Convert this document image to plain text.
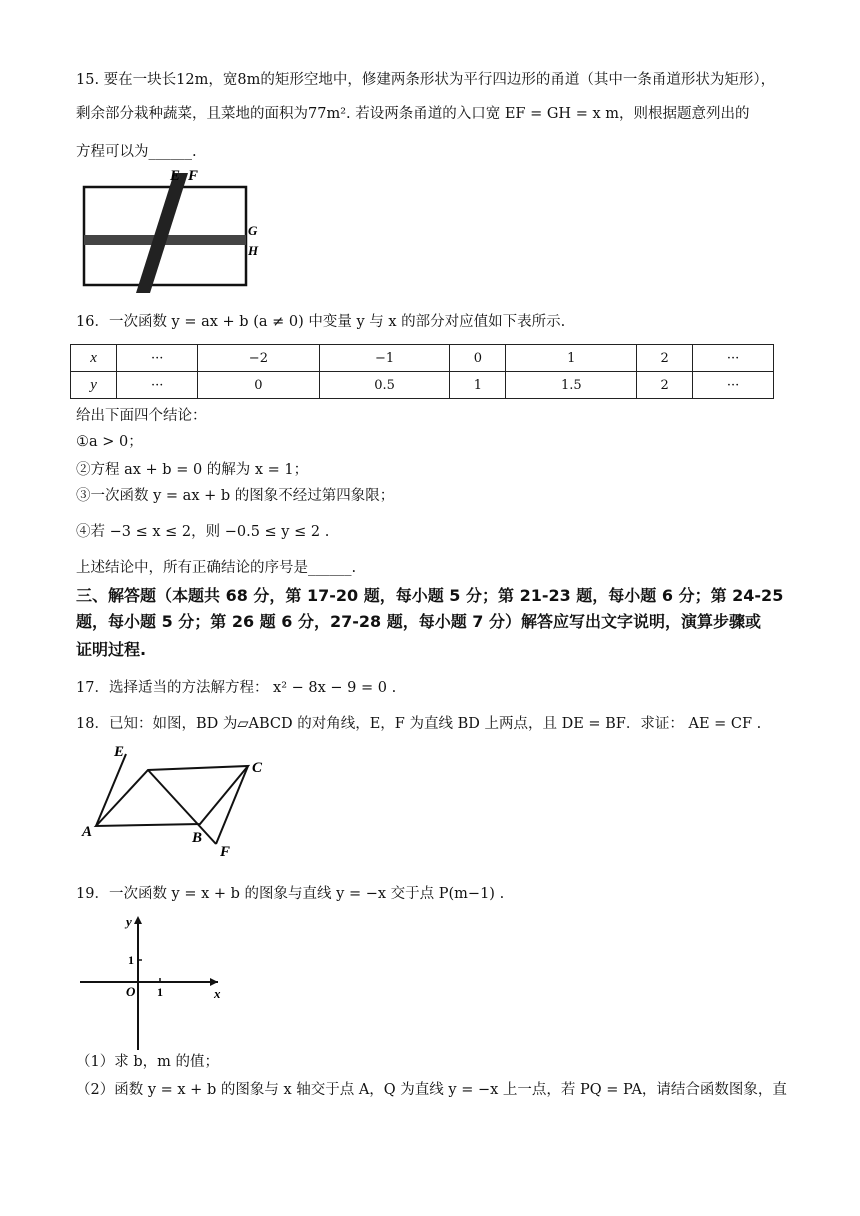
15. 要在一块长12m，宽8m的矩形空地中，修建两条形状为平行四边形的甬道（其中一条甬道形状为矩形），
剩余部分栽种蔬菜，且菜地的面积为77m². 若设两条甬道的入口宽 EF = GH = x m，则根据题意列出的
方程可以为______.
E F
G
H
16．一次函数 y = ax + b (a ≠ 0) 中变量 y 与 x 的部分对应值如下表所示.
x	···	−2	−1	0	1	2	···
y	···	0	0.5	1	1.5	2	···
给出下面四个结论：
①a > 0；
②方程 ax + b = 0 的解为 x = 1；
③一次函数 y = ax + b 的图象不经过第四象限；
④若 −3 ≤ x ≤ 2，则 −0.5 ≤ y ≤ 2 .
上述结论中，所有正确结论的序号是______.
三、解答题（本题共 68 分，第 17-20 题，每小题 5 分；第 21-23 题，每小题 6 分；第 24-25
题，每小题 5 分；第 26 题 6 分，27-28 题，每小题 7 分）解答应写出文字说明，演算步骤或
证明过程.
17．选择适当的方法解方程： x² − 8x − 9 = 0 .
18．已知：如图，BD 为▱ABCD 的对角线，E，F 为直线 BD 上两点，且 DE = BF．求证： AE = CF .
E
C
A	B
F
19．一次函数 y = x + b 的图象与直线 y = −x 交于点 P(m−1) .
y
x
O 1
1
（1）求 b，m 的值；
（2）函数 y = x + b 的图象与 x 轴交于点 A，Q 为直线 y = −x 上一点，若 PQ = PA，请结合函数图象，直
